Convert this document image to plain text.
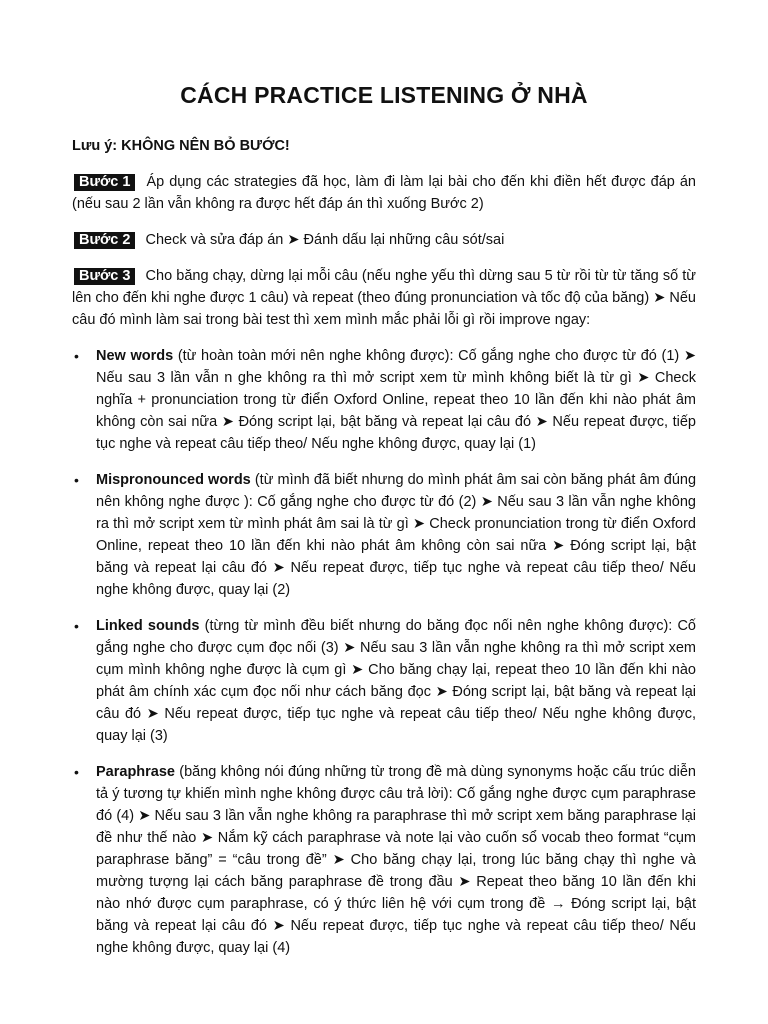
CÁCH PRACTICE LISTENING Ở NHÀ

Lưu ý: KHÔNG NÊN BỎ BƯỚC!

Bước 1 Áp dụng các strategies đã học, làm đi làm lại bài cho đến khi điền hết được đáp án (nếu sau 2 lần vẫn không ra được hết đáp án thì xuống Bước 2)

Bước 2 Check và sửa đáp án ➤ Đánh dấu lại những câu sót/sai

Bước 3 Cho băng chạy, dừng lại mỗi câu (nếu nghe yếu thì dừng sau 5 từ rồi từ từ tăng số từ lên cho đến khi nghe được 1 câu) và repeat (theo đúng pronunciation và tốc độ của băng) ➤ Nếu câu đó mình làm sai trong bài test thì xem mình mắc phải lỗi gì rồi improve ngay:

• New words (từ hoàn toàn mới nên nghe không được): Cố gắng nghe cho được từ đó (1) ➤ Nếu sau 3 lần vẫn n ghe không ra thì mở script xem từ mình không biết là từ gì ➤ Check nghĩa + pronunciation trong từ điển Oxford Online, repeat theo 10 lần đến khi nào phát âm không còn sai nữa ➤ Đóng script lại, bật băng và repeat lại câu đó ➤ Nếu repeat được, tiếp tục nghe và repeat câu tiếp theo/ Nếu nghe không được, quay lại (1)
• Mispronounced words (từ mình đã biết nhưng do mình phát âm sai còn băng phát âm đúng nên không nghe được ): Cố gắng nghe cho được từ đó (2) ➤ Nếu sau 3 lần vẫn nghe không ra thì mở script xem từ mình phát âm sai là từ gì ➤ Check pronunciation trong từ điển Oxford Online, repeat theo 10 lần đến khi nào phát âm không còn sai nữa ➤ Đóng script lại, bật băng và repeat lại câu đó ➤ Nếu repeat được, tiếp tục nghe và repeat câu tiếp theo/ Nếu nghe không được, quay lại (2)
• Linked sounds (từng từ mình đều biết nhưng do băng đọc nối nên nghe không được): Cố gắng nghe cho được cụm đọc nối (3) ➤ Nếu sau 3 lần vẫn nghe không ra thì mở script xem cụm mình không nghe được là cụm gì ➤ Cho băng chạy lại, repeat theo 10 lần đến khi nào phát âm chính xác cụm đọc nối như cách băng đọc ➤ Đóng script lại, bật băng và repeat lại câu đó ➤ Nếu repeat được, tiếp tục nghe và repeat câu tiếp theo/ Nếu nghe không được, quay lại (3)
• Paraphrase (băng không nói đúng những từ trong đề mà dùng synonyms hoặc cấu trúc diễn tả ý tương tự khiến mình nghe không được câu trả lời): Cố gắng nghe được cụm paraphrase đó (4) ➤ Nếu sau 3 lần vẫn nghe không ra paraphrase thì mở script xem băng paraphrase lại đề như thế nào ➤ Nắm kỹ cách paraphrase và note lại vào cuốn sổ vocab theo format “cụm paraphrase băng” = “câu trong đề” ➤ Cho băng chạy lại, trong lúc băng chạy thì nghe và mường tượng lại cách băng paraphrase đề trong đầu ➤ Repeat theo băng 10 lần đến khi nào nhớ được cụm paraphrase, có ý thức liên hệ với cụm trong đề → Đóng script lại, bật băng và repeat lại câu đó ➤ Nếu repeat được, tiếp tục nghe và repeat câu tiếp theo/ Nếu nghe không được, quay lại (4)
